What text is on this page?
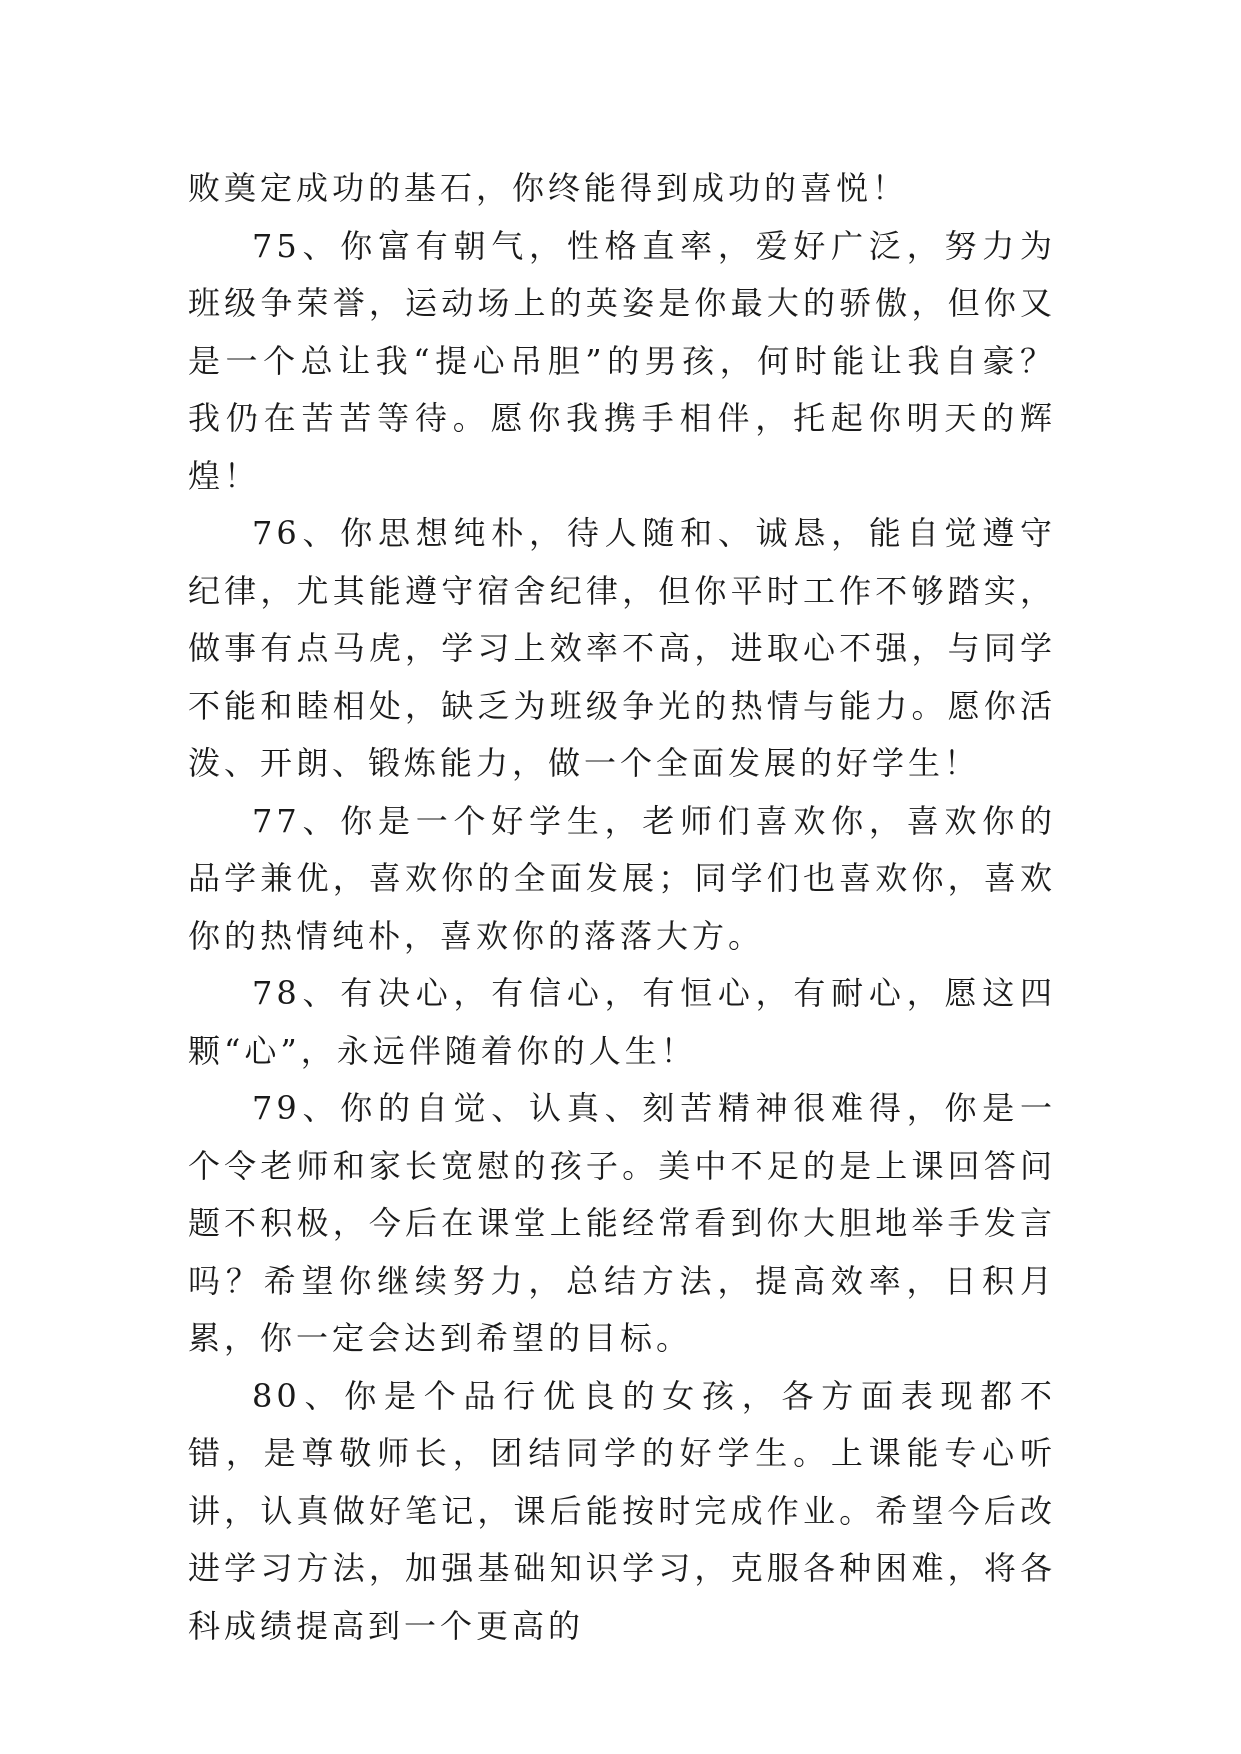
败奠定成功的基石，你终能得到成功的喜悦！

75、你富有朝气，性格直率，爱好广泛，努力为班级争荣誉，运动场上的英姿是你最大的骄傲，但你又是一个总让我“提心吊胆”的男孩，何时能让我自豪？我仍在苦苦等待。愿你我携手相伴，托起你明天的辉煌！

76、你思想纯朴，待人随和、诚恳，能自觉遵守纪律，尤其能遵守宿舍纪律，但你平时工作不够踏实，做事有点马虎，学习上效率不高，进取心不强，与同学不能和睦相处，缺乏为班级争光的热情与能力。愿你活泼、开朗、锻炼能力，做一个全面发展的好学生！

77、你是一个好学生，老师们喜欢你，喜欢你的品学兼优，喜欢你的全面发展；同学们也喜欢你，喜欢你的热情纯朴，喜欢你的落落大方。

78、有决心，有信心，有恒心，有耐心，愿这四颗“心”，永远伴随着你的人生！

79、你的自觉、认真、刻苦精神很难得，你是一个令老师和家长宽慰的孩子。美中不足的是上课回答问题不积极，今后在课堂上能经常看到你大胆地举手发言吗？希望你继续努力，总结方法，提高效率，日积月累，你一定会达到希望的目标。

80、你是个品行优良的女孩，各方面表现都不错，是尊敬师长，团结同学的好学生。上课能专心听讲，认真做好笔记，课后能按时完成作业。希望今后改进学习方法，加强基础知识学习，克服各种困难，将各科成绩提高到一个更高的
